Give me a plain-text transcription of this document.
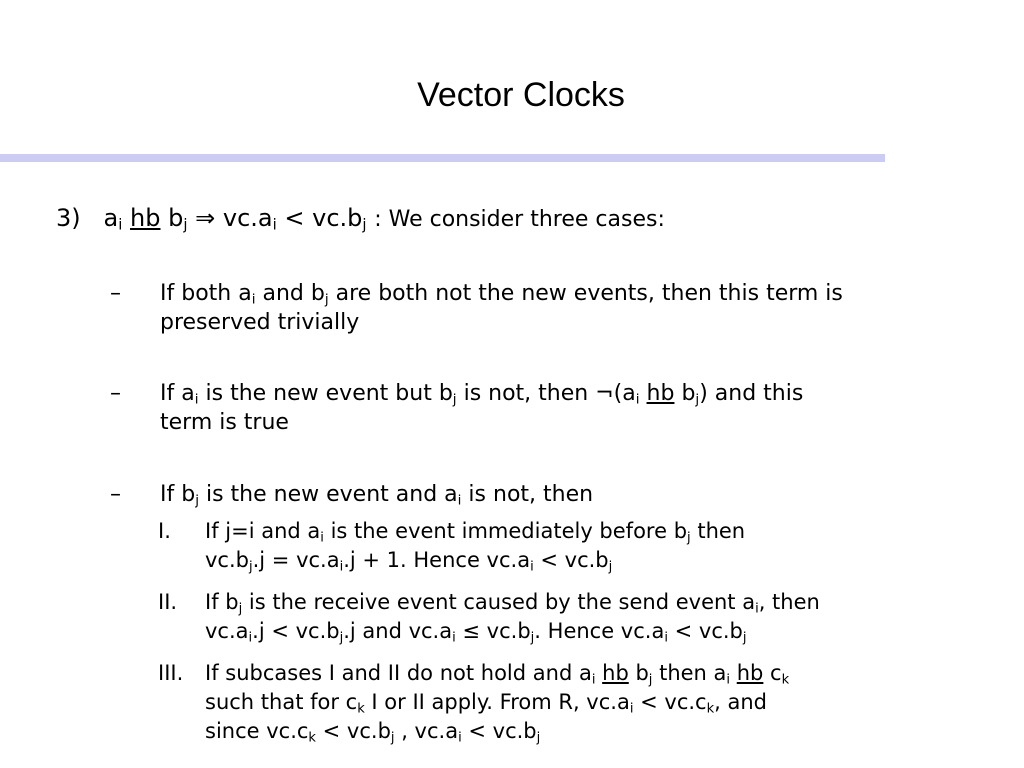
Vector Clocks
3) $a_i$ hb $b_j$ ⇒ $vc.a_i < vc.b_j$ : We consider three cases:
– If both $a_i$ and $b_j$ are both not the new events, then this term is
preserved trivially
– If $a_i$ is the new event but $b_j$ is not, then $\neg(a_i$ hb $b_j$) and this
term is true
– If $b_j$ is the new event and $a_i$ is not, then
I. If j=i and $a_i$ is the event immediately before $b_j$ then
$vc.b_j.j = vc.a_i.j + 1$. Hence $vc.a_i < vc.b_j$
II. If $b_j$ is the receive event caused by the send event $a_i$, then
$vc.a_i.j < vc.b_j.j$ and $vc.a_i \le vc.b_j$. Hence $vc.a_i < vc.b_j$
III. If subcases I and II do not hold and $a_i$ hb $b_j$ then $a_i$ hb $c_k$
such that for $c_k$ I or II apply. From R, $vc.a_i < vc.c_k$, and
since $vc.c_k < vc.b_j$ , $vc.a_i < vc.b_j$
